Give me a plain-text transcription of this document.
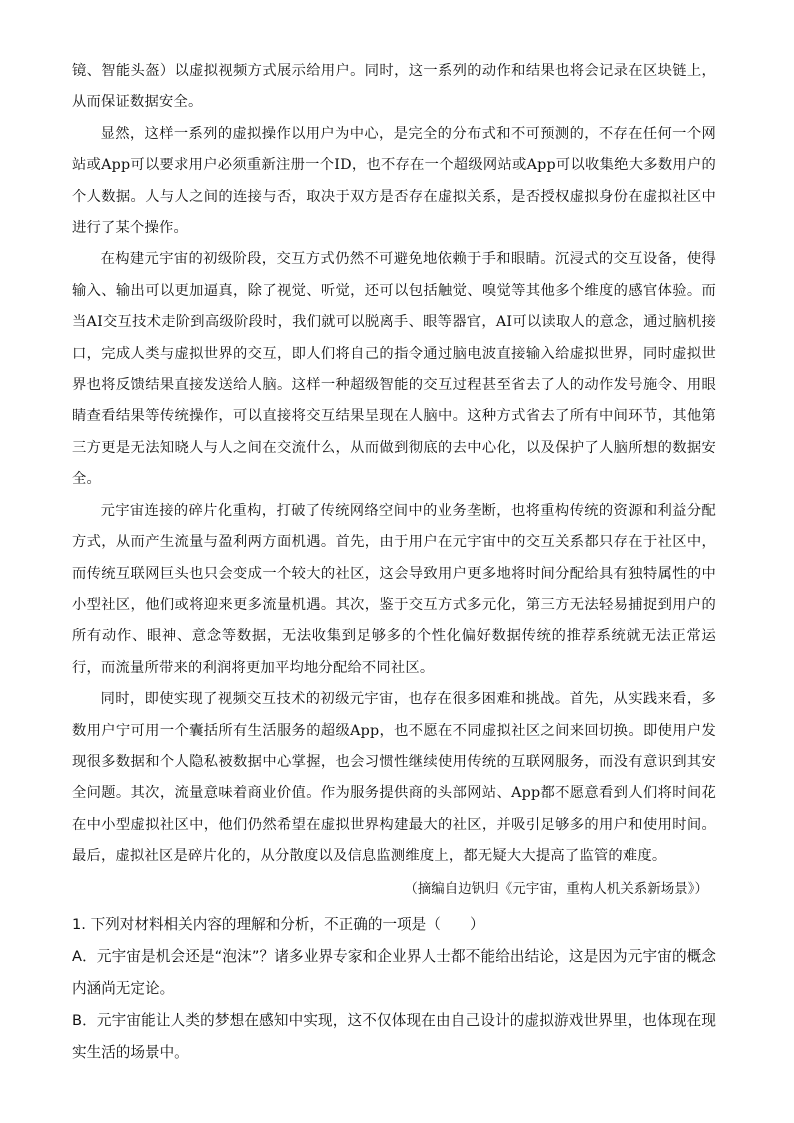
镜、智能头盔）以虚拟视频方式展示给用户。同时，这一系列的动作和结果也将会记录在区块链上，从而保证数据安全。

显然，这样一系列的虚拟操作以用户为中心，是完全的分布式和不可预测的，不存在任何一个网站或App可以要求用户必须重新注册一个ID，也不存在一个超级网站或App可以收集绝大多数用户的个人数据。人与人之间的连接与否，取决于双方是否存在虚拟关系，是否授权虚拟身份在虚拟社区中进行了某个操作。

在构建元宇宙的初级阶段，交互方式仍然不可避免地依赖于手和眼睛。沉浸式的交互设备，使得输入、输出可以更加逼真，除了视觉、听觉，还可以包括触觉、嗅觉等其他多个维度的感官体验。而当AI交互技术走阶到高级阶段时，我们就可以脱离手、眼等器官，AI可以读取人的意念，通过脑机接口，完成人类与虚拟世界的交互，即人们将自己的指令通过脑电波直接输入给虚拟世界，同时虚拟世界也将反馈结果直接发送给人脑。这样一种超级智能的交互过程甚至省去了人的动作发号施令、用眼睛查看结果等传统操作，可以直接将交互结果呈现在人脑中。这种方式省去了所有中间环节，其他第三方更是无法知晓人与人之间在交流什么，从而做到彻底的去中心化，以及保护了人脑所想的数据安全。

元宇宙连接的碎片化重构，打破了传统网络空间中的业务垄断，也将重构传统的资源和利益分配方式，从而产生流量与盈利两方面机遇。首先，由于用户在元宇宙中的交互关系都只存在于社区中，而传统互联网巨头也只会变成一个较大的社区，这会导致用户更多地将时间分配给具有独特属性的中小型社区，他们或将迎来更多流量机遇。其次，鉴于交互方式多元化，第三方无法轻易捕捉到用户的所有动作、眼神、意念等数据，无法收集到足够多的个性化偏好数据传统的推荐系统就无法正常运行，而流量所带来的利润将更加平均地分配给不同社区。

同时，即使实现了视频交互技术的初级元宇宙，也存在很多困难和挑战。首先，从实践来看，多数用户宁可用一个囊括所有生活服务的超级App，也不愿在不同虚拟社区之间来回切换。即使用户发现很多数据和个人隐私被数据中心掌握，也会习惯性继续使用传统的互联网服务，而没有意识到其安全问题。其次，流量意味着商业价值。作为服务提供商的头部网站、App都不愿意看到人们将时间花在中小型虚拟社区中，他们仍然希望在虚拟世界构建最大的社区，并吸引足够多的用户和使用时间。最后，虚拟社区是碎片化的，从分散度以及信息监测维度上，都无疑大大提高了监管的难度。

（摘编自边钒归《元宇宙，重构人机关系新场景》）

1. 下列对材料相关内容的理解和分析，不正确的一项是（　　）

A．元宇宙是机会还是“泡沫”？诸多业界专家和企业界人士都不能给出结论，这是因为元宇宙的概念内涵尚无定论。

B．元宇宙能让人类的梦想在感知中实现，这不仅体现在由自己设计的虚拟游戏世界里，也体现在现实生活的场景中。
